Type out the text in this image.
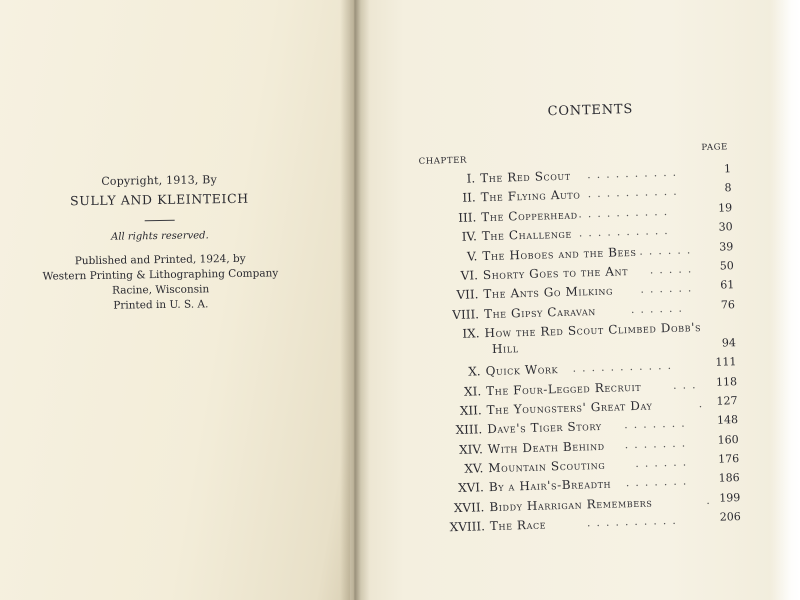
Copyright, 1913, By
SULLY AND KLEINTEICH
All rights reserved.
Published and Printed, 1924, by
Western Printing & Lithographing Company
Racine, Wisconsin
Printed in U. S. A.
CONTENTS
CHAPTER
PAGE
I. The Red Scout ..........	1
II. The Flying Auto ..........	8
III. The Copperhead ..........	19
IV. The Challenge ..........	30
V. The Hoboes and the Bees ...... 39
VI. Shorty Goes to the Ant ..... 50
VII. The Ants Go Milking ...... 61
VIII. The Gipsy Caravan	......	76
IX. How the Red Scout Climbed Dobb's
Hill	94
X. Quick Work ...........	111
XI. The Four-Legged Recruit	... 118
XII. The Youngsters' Great Day	. 127
XIII. Dave's Tiger Story ....... 148
XIV. With Death Behind ....... 160
XV. Mountain Scouting	...... 176
XVI. By a Hair's-Breadth ....... 186
XVII. Biddy Harrigan Remembers	. 199
XVIII. The Race	..........	206
